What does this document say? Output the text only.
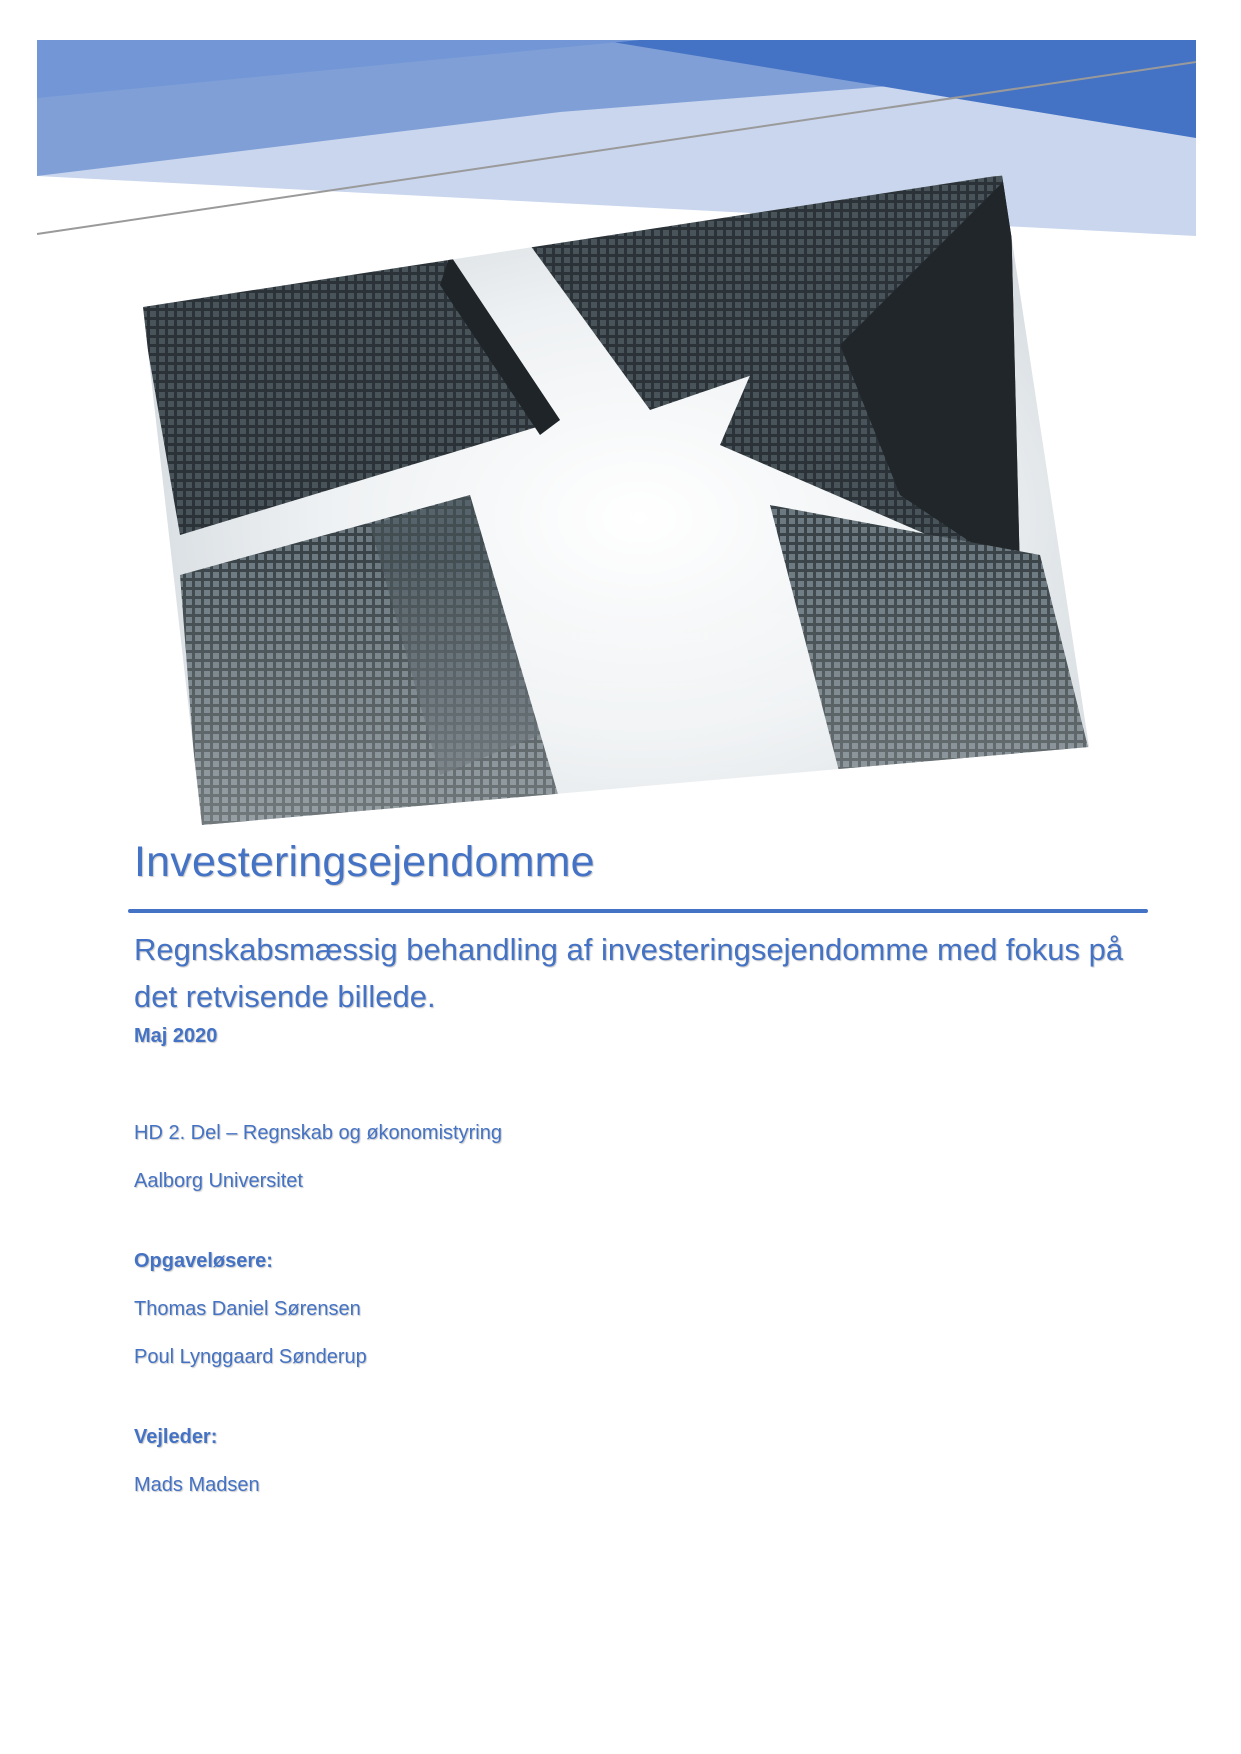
Investeringsejendomme
Regnskabsmæssig behandling af investeringsejendomme med fokus på det retvisende billede.

Maj 2020

HD 2. Del – Regnskab og økonomistyring

Aalborg Universitet

Opgaveløsere:

Thomas Daniel Sørensen

Poul Lynggaard Sønderup

Vejleder:

Mads Madsen
